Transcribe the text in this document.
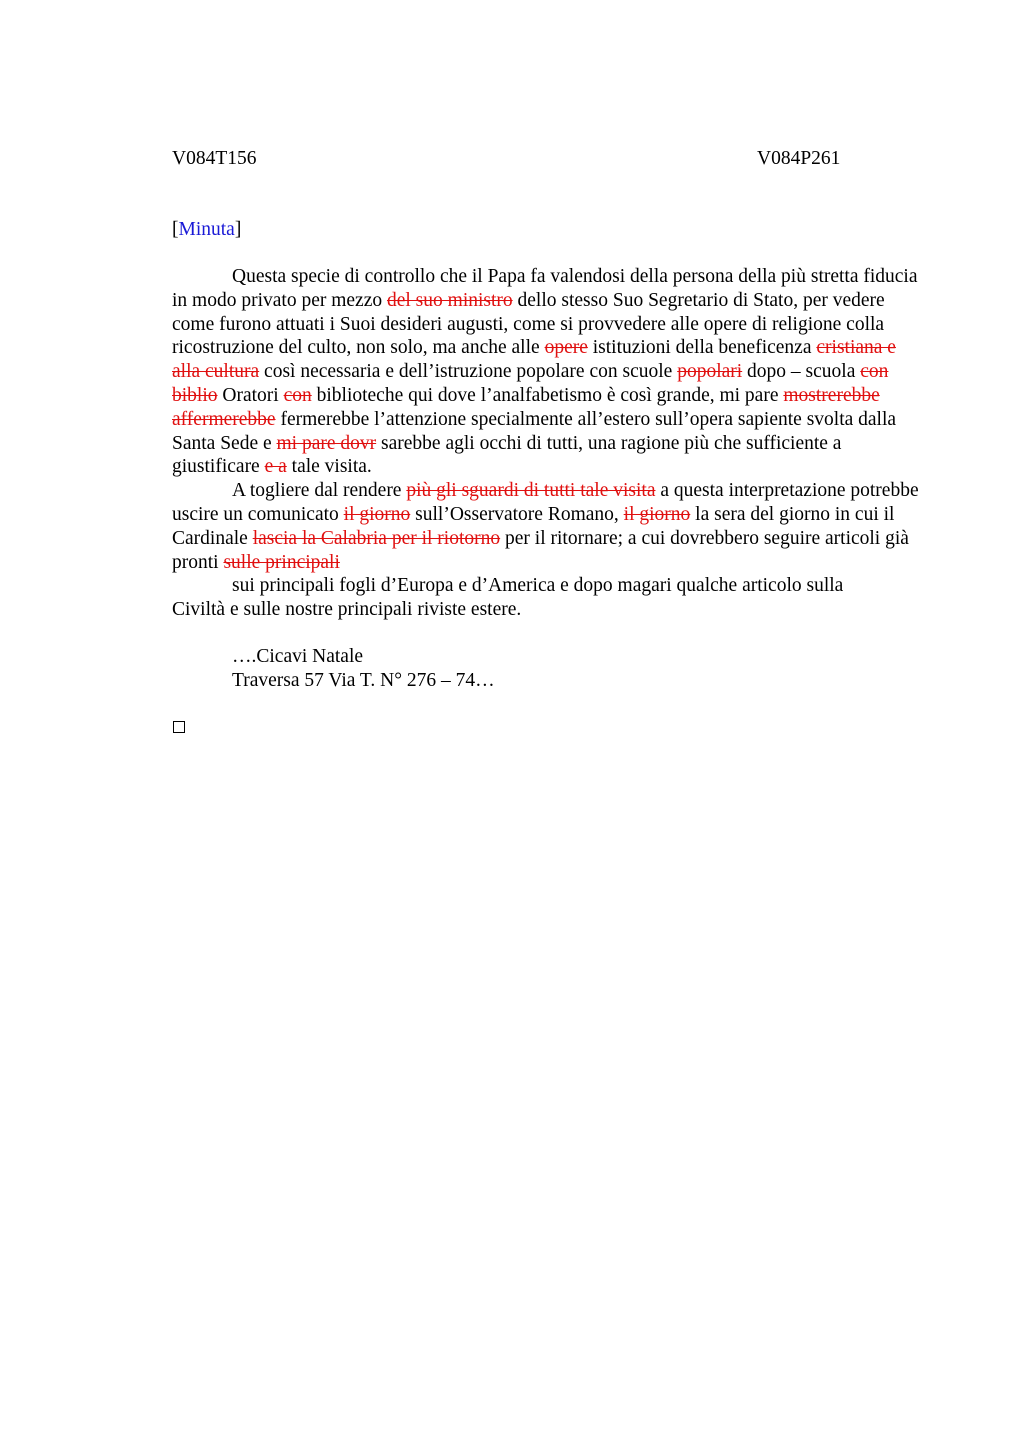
V084T156	V084P261
[Minuta]

Questa specie di controllo che il Papa fa valendosi della persona della più stretta fiducia in modo privato per mezzo del suo ministro dello stesso Suo Segretario di Stato, per vedere come furono attuati i Suoi desideri augusti, come si provvedere alle opere di religione colla ricostruzione del culto, non solo, ma anche alle opere istituzioni della beneficenza cristiana e alla cultura così necessaria e dell’istruzione popolare con scuole popolari dopo – scuola con biblio Oratori con biblioteche qui dove l’analfabetismo è così grande, mi pare mostrerebbe affermerebbe fermerebbe l’attenzione specialmente all’estero sull’opera sapiente svolta dalla Santa Sede e mi pare dovr sarebbe agli occhi di tutti, una ragione più che sufficiente a giustificare e a tale visita.

A togliere dal rendere più gli sguardi di tutti tale visita a questa interpretazione potrebbe uscire un comunicato il giorno sull’Osservatore Romano, il giorno la sera del giorno in cui il Cardinale lascia la Calabria per il riotorno per il ritornare; a cui dovrebbero seguire articoli già pronti sulle principali

sui principali fogli d’Europa e d’America e dopo magari qualche articolo sulla

Civiltà e sulle nostre principali riviste estere.

….Cicavi Natale
Traversa 57 Via T. N° 276 – 74…
